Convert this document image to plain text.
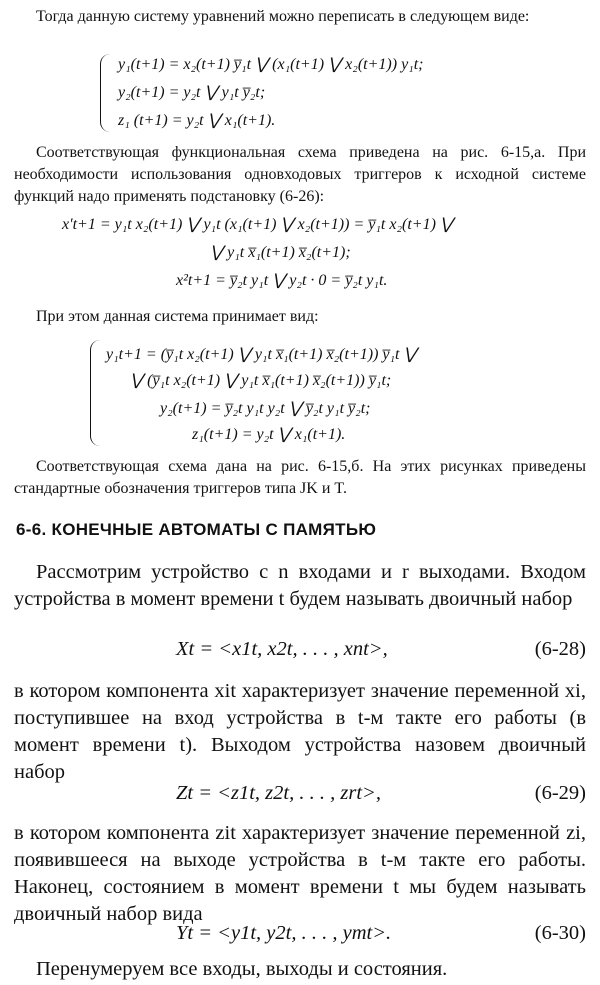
Тогда данную систему уравнений можно переписать в следующем виде:
y₁(t+1) = x₂(t+1) y̅₁t ⋁ (x₁(t+1) ⋁ x₂(t+1)) y₁t;
y₂(t+1) = y₂t ⋁ y₁t y̅₂t;
z₁ (t+1) = y₂t ⋁ x₁(t+1).
Соответствующая функциональная схема приведена на рис. 6-15,а. При необходимости использования одновходовых триггеров к исходной системе функций надо применять подстановку (6-26):
x′t+1 = y₁t x₂(t+1) ⋁ y₁t (x₁(t+1) ⋁ x₂(t+1)) = y̅₁t x₂(t+1) ⋁
⋁ y₁t x̅₁(t+1) x̅₂(t+1);
x²t+1 = y̅₂t y₁t ⋁ y₂t · 0 = y̅₂t y₁t.
При этом данная система принимает вид:
y₁t+1 = (y̅₁t x₂(t+1) ⋁ y₁t x̅₁(t+1) x̅₂(t+1)) y̅₁t ⋁
⋁ (y̅₁t x₂(t+1) ⋁ y₁t x̅₁(t+1) x̅₂(t+1)) y̅₁t;
y₂(t+1) = y̅₂t y₁t y₂t ⋁ y̅₂t y₁t y̅₂t;
z₁(t+1) = y₂t ⋁ x₁(t+1).
Соответствующая схема дана на рис. 6-15,б. На этих рисунках приведены стандартные обозначения триггеров типа JK и T.
6-6. КОНЕЧНЫЕ АВТОМАТЫ С ПАМЯТЬЮ
Рассмотрим устройство с n входами и r выходами. Входом устройства в момент времени t будем называть двоичный набор
Xt = <x1t, x2t, . . . , xnt>,	(6-28)
в котором компонента xit характеризует значение переменной xi, поступившее на вход устройства в t-м такте его работы (в момент времени t). Выходом устройства назовем двоичный набор
Zt = <z1t, z2t, . . . , zrt>,	(6-29)
в котором компонента zit характеризует значение переменной zi, появившееся на выходе устройства в t-м такте его работы. Наконец, состоянием в момент времени t мы будем называть двоичный набор вида
Yt = <y1t, y2t, . . . , ymt>.	(6-30)
Перенумеруем все входы, выходы и состояния.
